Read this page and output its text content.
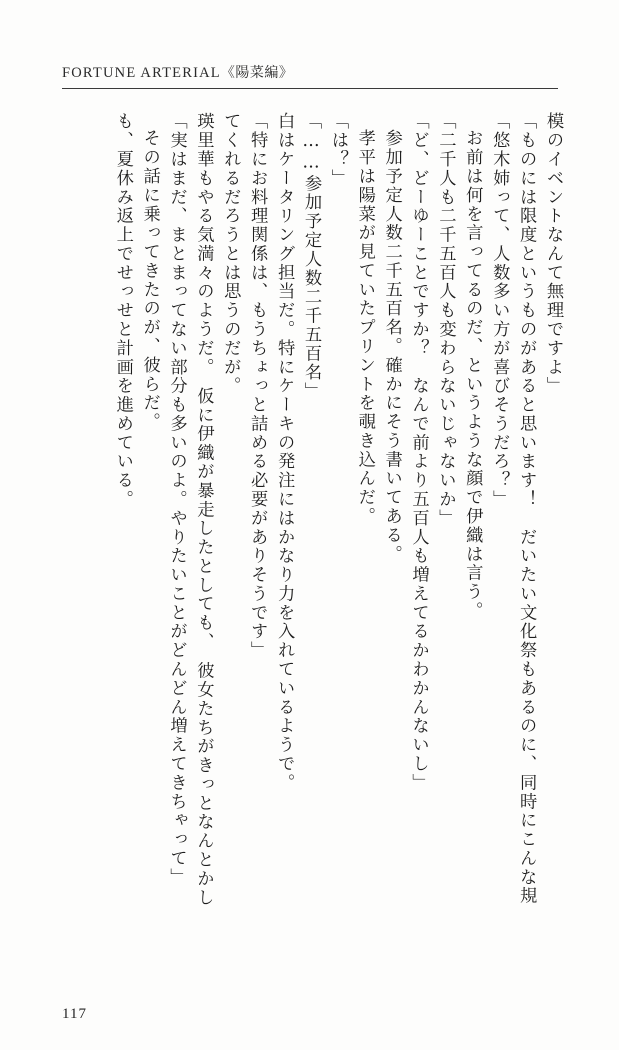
FORTUNE ARTERIAL《陽菜編》
も、夏休み返上でせっせと計画を進めている。 その話に乗ってきたのが、彼らだ。 「実はまだ、まとまってない部分も多いのよ。やりたいことがどんどん増えてきちゃって」 瑛里華もやる気満々のようだ。　仮に伊織が暴走したとしても、　彼女たちがきっとなんとかし てくれるだろうとは思うのだが。 「特にお料理関係は、もうちょっと詰める必要がありそうです」 白はケータリング担当だ。特にケーキの発注にはかなり力を入れているようで。 「……参加予定人数二千五百名」 「は？」 孝平は陽菜が見ていたプリントを覗き込んだ。 参加予定人数二千五百名。確かにそう書いてある。 「ど、どーゆーことですか？　なんで前より五百人も増えてるかわかんないし」 「二千人も二千五百人も変わらないじゃないか」 お前は何を言ってるのだ、というような顔で伊織は言う。 「悠木姉って、人数多い方が喜びそうだろ？」 「ものには限度というものがあると思います！　だいたい文化祭もあるのに、同時にこんな規 模のイベントなんて無理ですよ」
117
